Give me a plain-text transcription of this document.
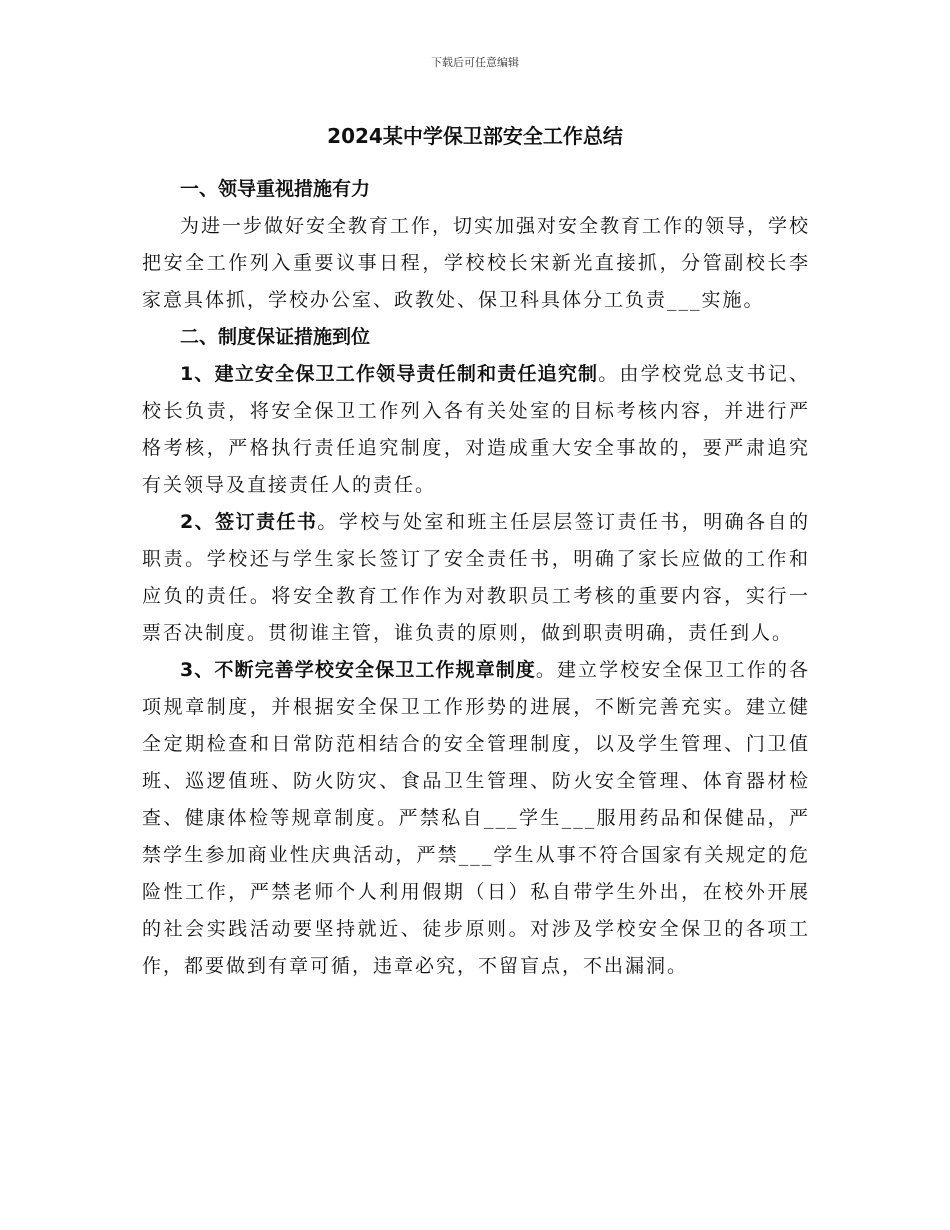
下载后可任意编辑
2024某中学保卫部安全工作总结
一、领导重视措施有力

为进一步做好安全教育工作，切实加强对安全教育工作的领导，学校把安全工作列入重要议事日程，学校校长宋新光直接抓，分管副校长李家意具体抓，学校办公室、政教处、保卫科具体分工负责___实施。

二、制度保证措施到位

1、建立安全保卫工作领导责任制和责任追究制。由学校党总支书记、校长负责，将安全保卫工作列入各有关处室的目标考核内容，并进行严格考核，严格执行责任追究制度，对造成重大安全事故的，要严肃追究有关领导及直接责任人的责任。

2、签订责任书。学校与处室和班主任层层签订责任书，明确各自的职责。学校还与学生家长签订了安全责任书，明确了家长应做的工作和应负的责任。将安全教育工作作为对教职员工考核的重要内容，实行一票否决制度。贯彻谁主管，谁负责的原则，做到职责明确，责任到人。

3、不断完善学校安全保卫工作规章制度。建立学校安全保卫工作的各项规章制度，并根据安全保卫工作形势的进展，不断完善充实。建立健全定期检查和日常防范相结合的安全管理制度，以及学生管理、门卫值班、巡逻值班、防火防灾、食品卫生管理、防火安全管理、体育器材检查、健康体检等规章制度。严禁私自___学生___服用药品和保健品，严禁学生参加商业性庆典活动，严禁___学生从事不符合国家有关规定的危险性工作，严禁老师个人利用假期（日）私自带学生外出，在校外开展的社会实践活动要坚持就近、徒步原则。对涉及学校安全保卫的各项工作，都要做到有章可循，违章必究，不留盲点，不出漏洞。
